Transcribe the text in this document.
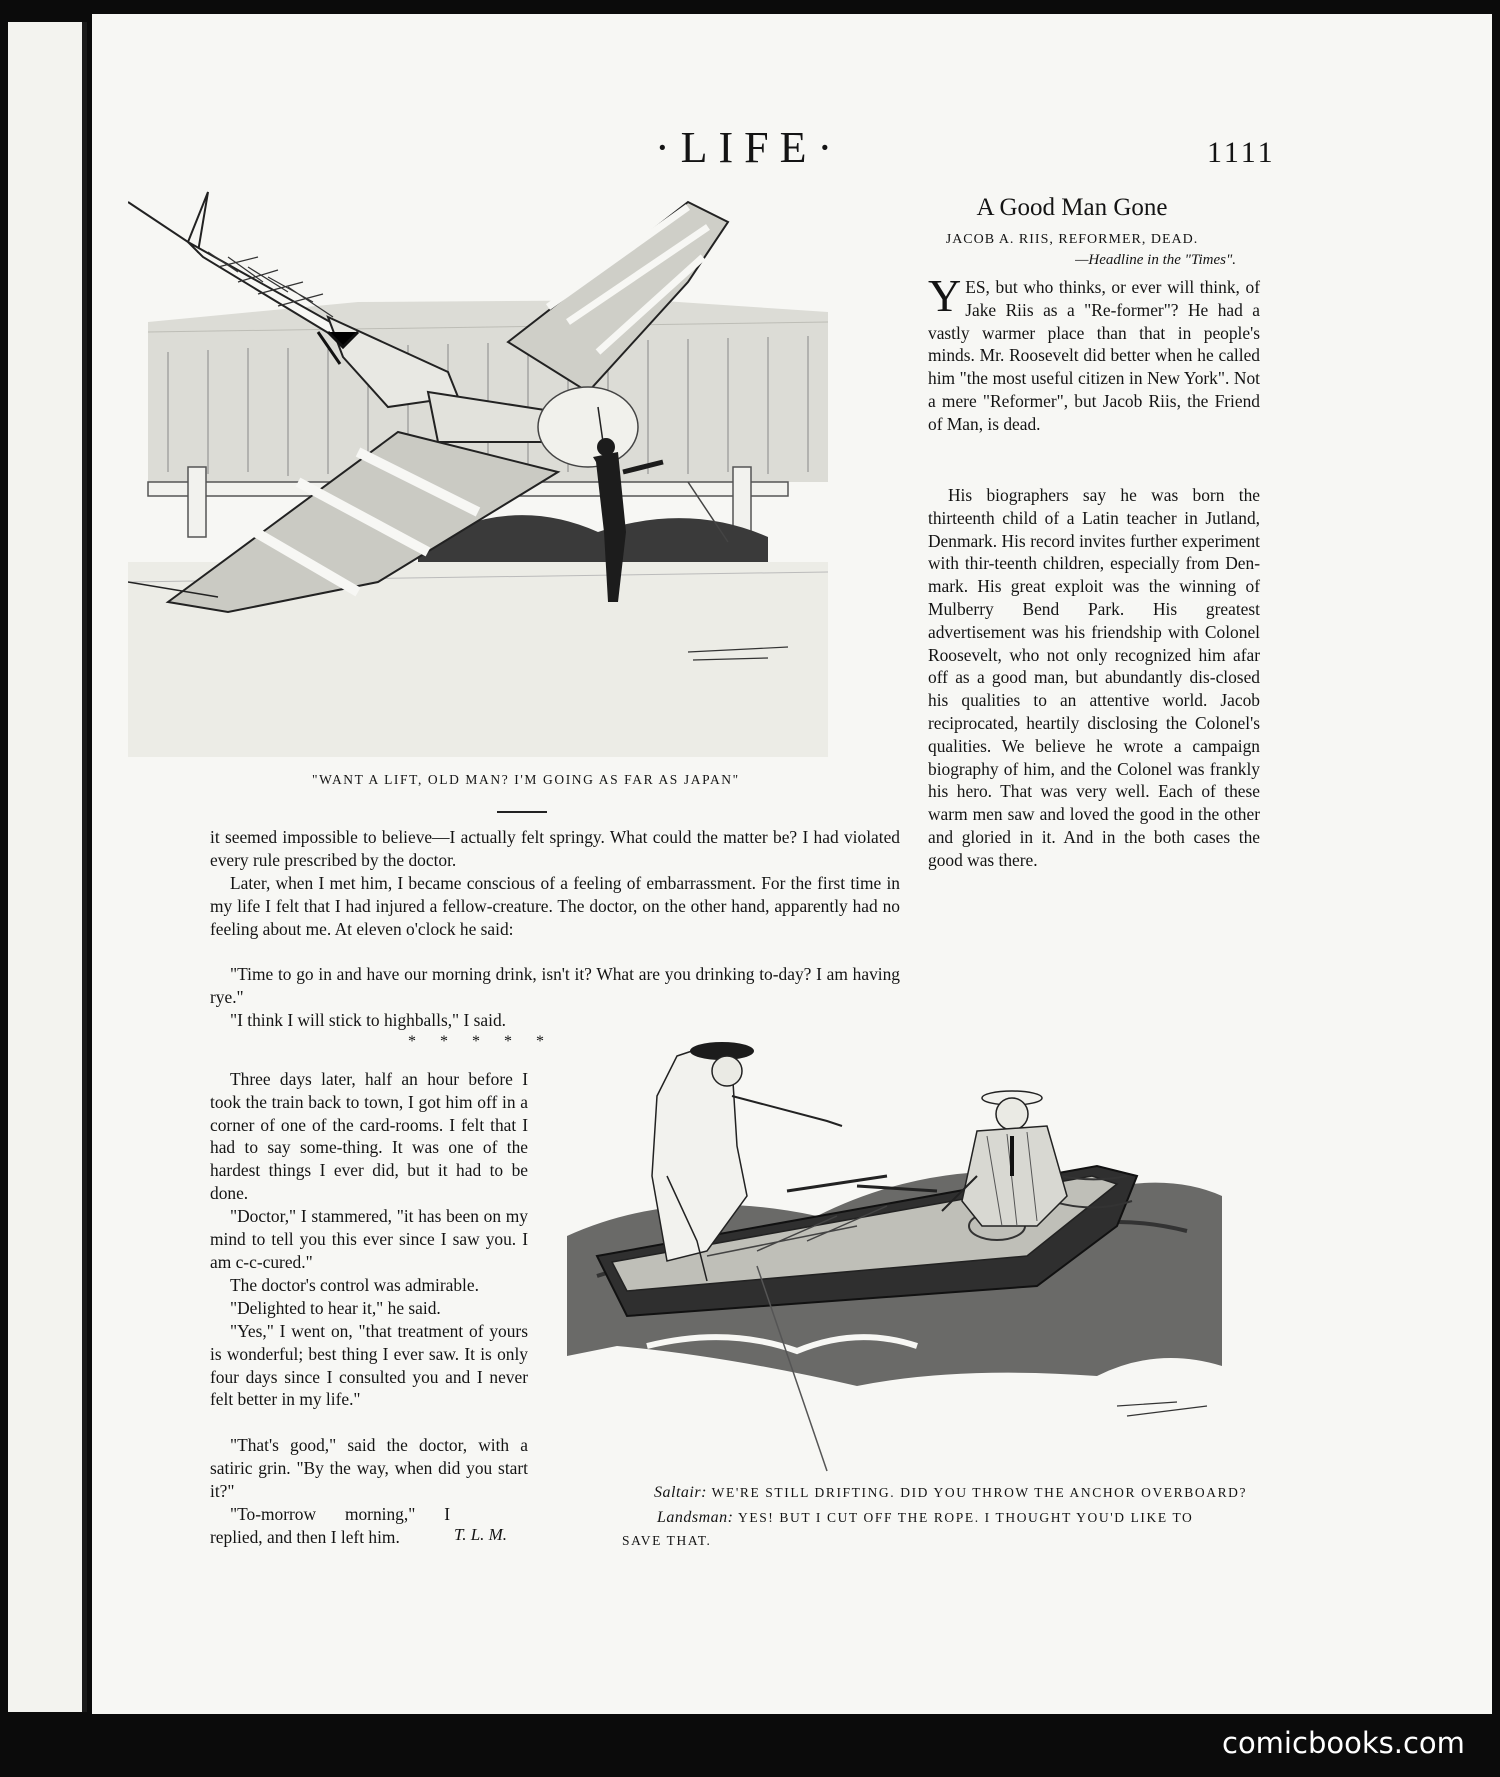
·LIFE·	1111
"WANT A LIFT, OLD MAN? I'M GOING AS FAR AS JAPAN"
it seemed impossible to believe—I actually felt springy. What could the matter be? I had violated every rule prescribed by the doctor.
Later, when I met him, I became conscious of a feeling of embarrassment. For the first time in my life I felt that I had injured a fellow-creature. The doctor, on the other hand, apparently had no feeling about me. At eleven o'clock he said:
"Time to go in and have our morning drink, isn't it? What are you drinking to-day? I am having rye."
"I think I will stick to highballs," I said.
* * * * *
Three days later, half an hour before I took the train back to town, I got him off in a corner of one of the card-rooms. I felt that I had to say some-thing. It was one of the hardest things I ever did, but it had to be done.
"Doctor," I stammered, "it has been on my mind to tell you this ever since I saw you. I am c-c-cured."
The doctor's control was admirable.
"Delighted to hear it," he said.
"Yes," I went on, "that treatment of yours is wonderful; best thing I ever saw. It is only four days since I consulted you and I never felt better in my life."
"That's good," said the doctor, with a satiric grin. "By the way, when did you start it?"
"To-morrow morning," I replied, and then I left him.	T. L. M.
A Good Man Gone
JACOB A. RIIS, REFORMER, DEAD.
—Headline in the "Times".
YES, but who thinks, or ever will think, of Jake Riis as a "Re-former"? He had a vastly warmer place than that in people's minds. Mr. Roosevelt did better when he called him "the most useful citizen in New York". Not a mere "Reformer", but Jacob Riis, the Friend of Man, is dead.
His biographers say he was born the thirteenth child of a Latin teacher in Jutland, Denmark. His record invites further experiment with thir-teenth children, especially from Den-mark. His great exploit was the winning of Mulberry Bend Park. His greatest advertisement was his friendship with Colonel Roosevelt, who not only recognized him afar off as a good man, but abundantly dis-closed his qualities to an attentive world. Jacob reciprocated, heartily disclosing the Colonel's qualities. We believe he wrote a campaign biography of him, and the Colonel was frankly his hero. That was very well. Each of these warm men saw and loved the good in the other and gloried in it. And in the both cases the good was there.
Saltair: WE'RE STILL DRIFTING. DID YOU THROW THE ANCHOR OVERBOARD?
Landsman: YES! BUT I CUT OFF THE ROPE. I THOUGHT YOU'D LIKE TO SAVE THAT.
comicbooks.com
